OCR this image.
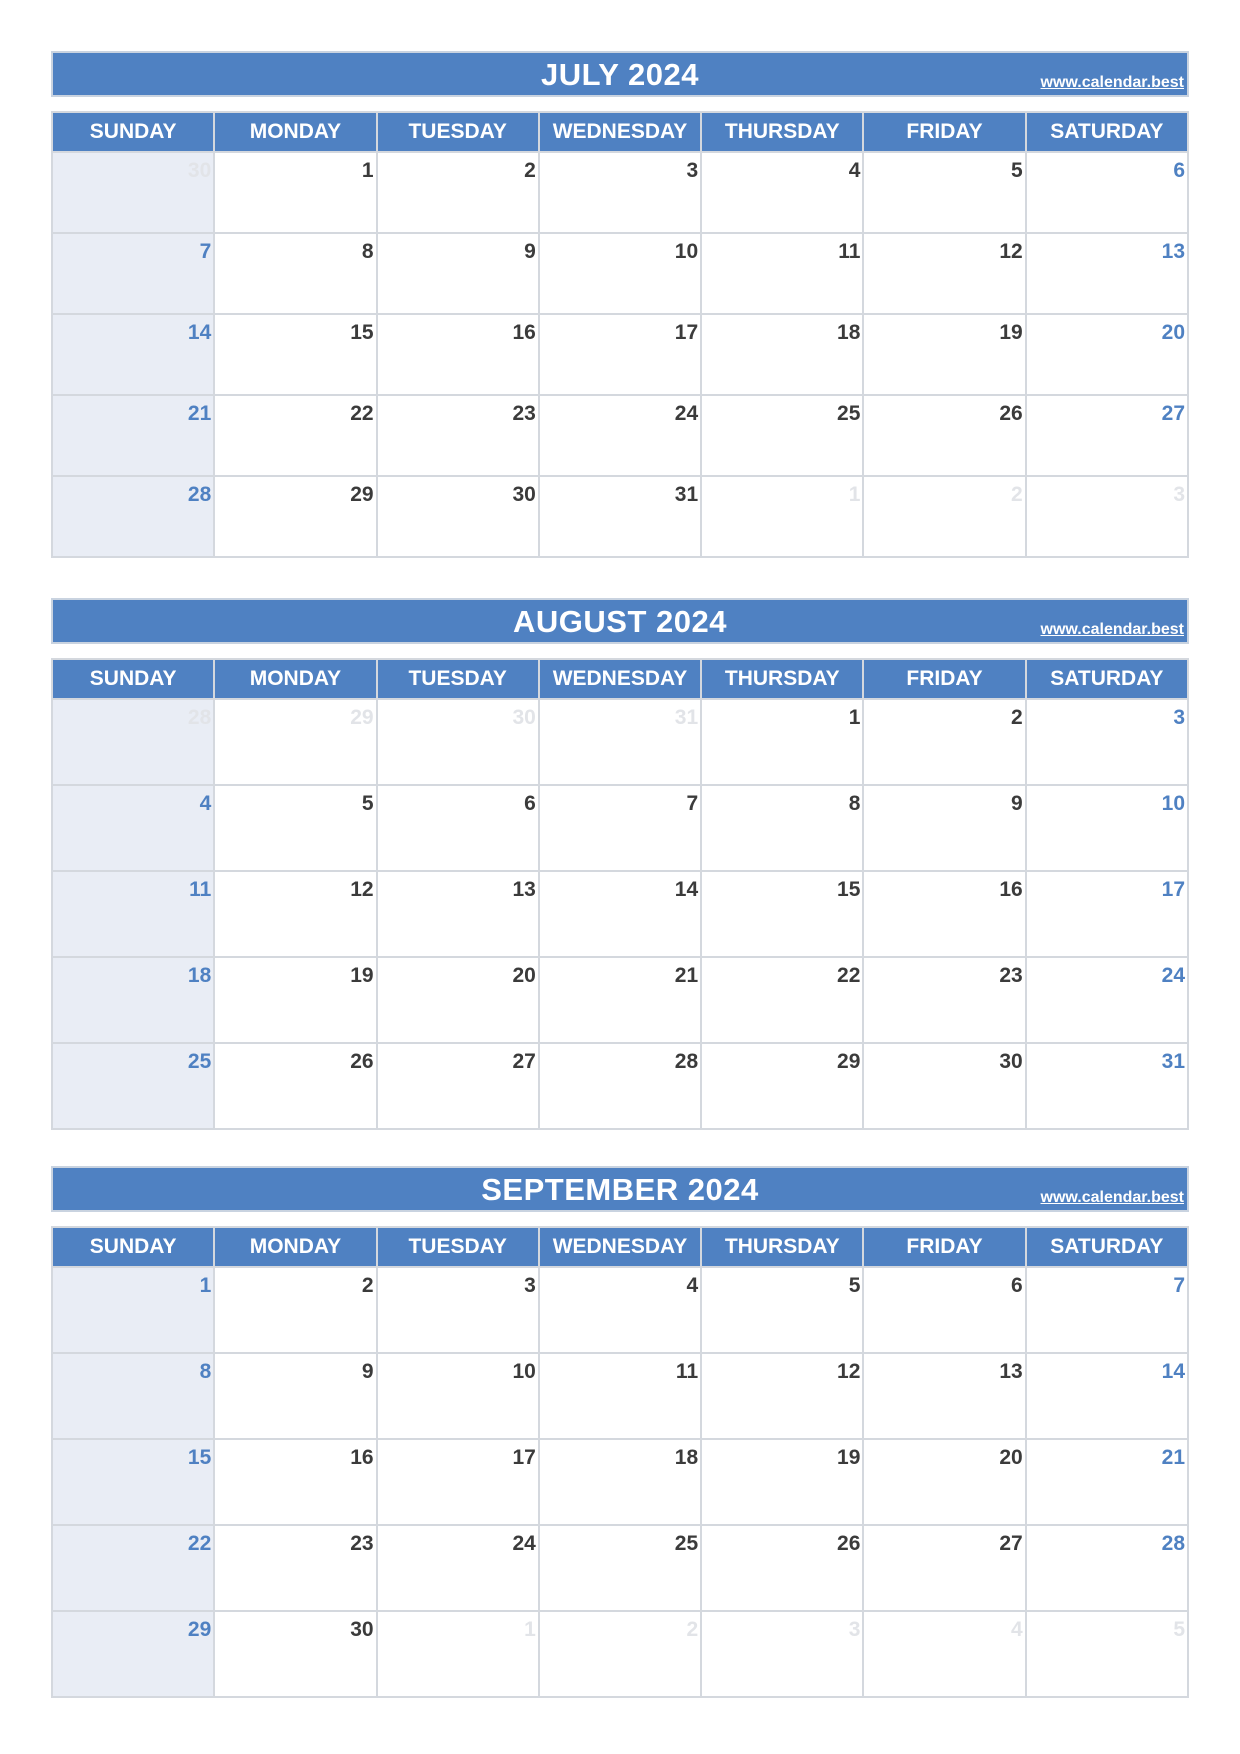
JULY 2024	www.calendar.best
SUNDAY	MONDAY	TUESDAY	WEDNESDAY	THURSDAY	FRIDAY	SATURDAY

30	1	2	3	4	5	6

7	8	9	10	11	12	13

14	15	16	17	18	19	20

21	22	23	24	25	26	27

28	29	30	31	1	2	3
AUGUST 2024	www.calendar.best
SUNDAY	MONDAY	TUESDAY	WEDNESDAY	THURSDAY	FRIDAY	SATURDAY

28	29	30	31	1	2	3

4	5	6	7	8	9	10

11	12	13	14	15	16	17

18	19	20	21	22	23	24

25	26	27	28	29	30	31
SEPTEMBER 2024	www.calendar.best
SUNDAY	MONDAY	TUESDAY	WEDNESDAY	THURSDAY	FRIDAY	SATURDAY

1	2	3	4	5	6	7

8	9	10	11	12	13	14

15	16	17	18	19	20	21

22	23	24	25	26	27	28

29	30	1	2	3	4	5
